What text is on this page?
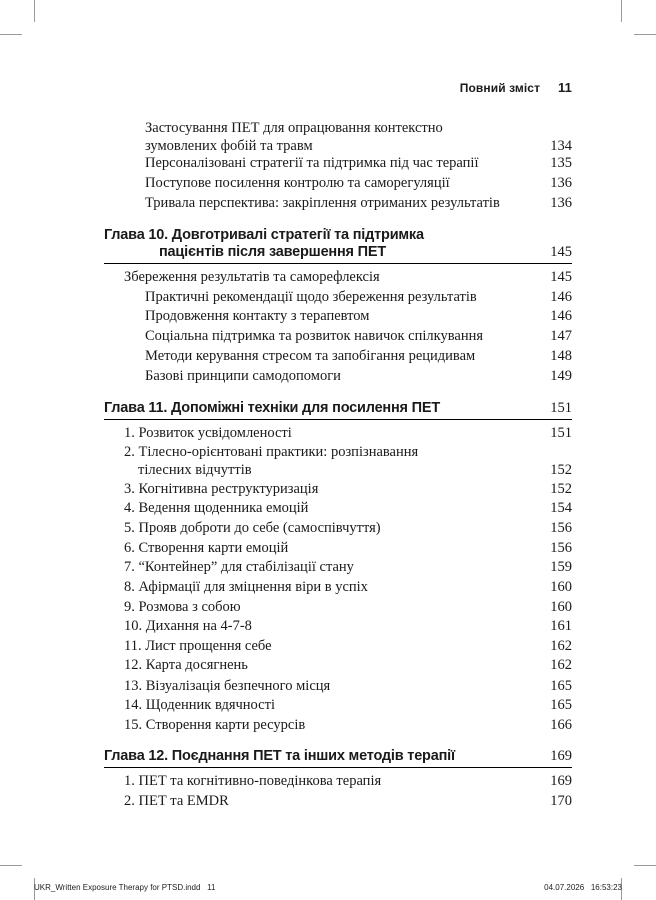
Повний зміст 11
Застосування ПЕТ для опрацювання контекстно
зумовлених фобій та травм	134
Персоналізовані стратегії та підтримка під час терапії	135
Поступове посилення контролю та саморегуляції	136
Тривала перспектива: закріплення отриманих результатів	136
Глава 10. Довготривалі стратегії та підтримка
пацієнтів після завершення ПЕТ	145
Збереження результатів та саморефлексія	145
Практичні рекомендації щодо збереження результатів	146
Продовження контакту з терапевтом	146
Соціальна підтримка та розвиток навичок спілкування	147
Методи керування стресом та запобігання рецидивам	148
Базові принципи самодопомоги	149
Глава 11. Допоміжні техніки для посилення ПЕТ	151
1. Розвиток усвідомленості	151
2. Тілесно-орієнтовані практики: розпізнавання
тілесних відчуттів	152
3. Когнітивна реструктуризація	152
4. Ведення щоденника емоцій	154
5. Прояв доброти до себе (самоспівчуття)	156
6. Створення карти емоцій	156
7. “Контейнер” для стабілізації стану	159
8. Афірмації для зміцнення віри в успіх	160
9. Розмова з собою	160
10. Дихання на 4-7-8	161
11. Лист прощення себе	162
12. Карта досягнень	162
13. Візуалізація безпечного місця	165
14. Щоденник вдячності	165
15. Створення карти ресурсів	166
Глава 12. Поєднання ПЕТ та інших методів терапії	169
1. ПЕТ та когнітивно-поведінкова терапія	169
2. ПЕТ та EMDR	170
UKR_Written Exposure Therapy for PTSD.indd   11	04.07.2026   16:53:23
